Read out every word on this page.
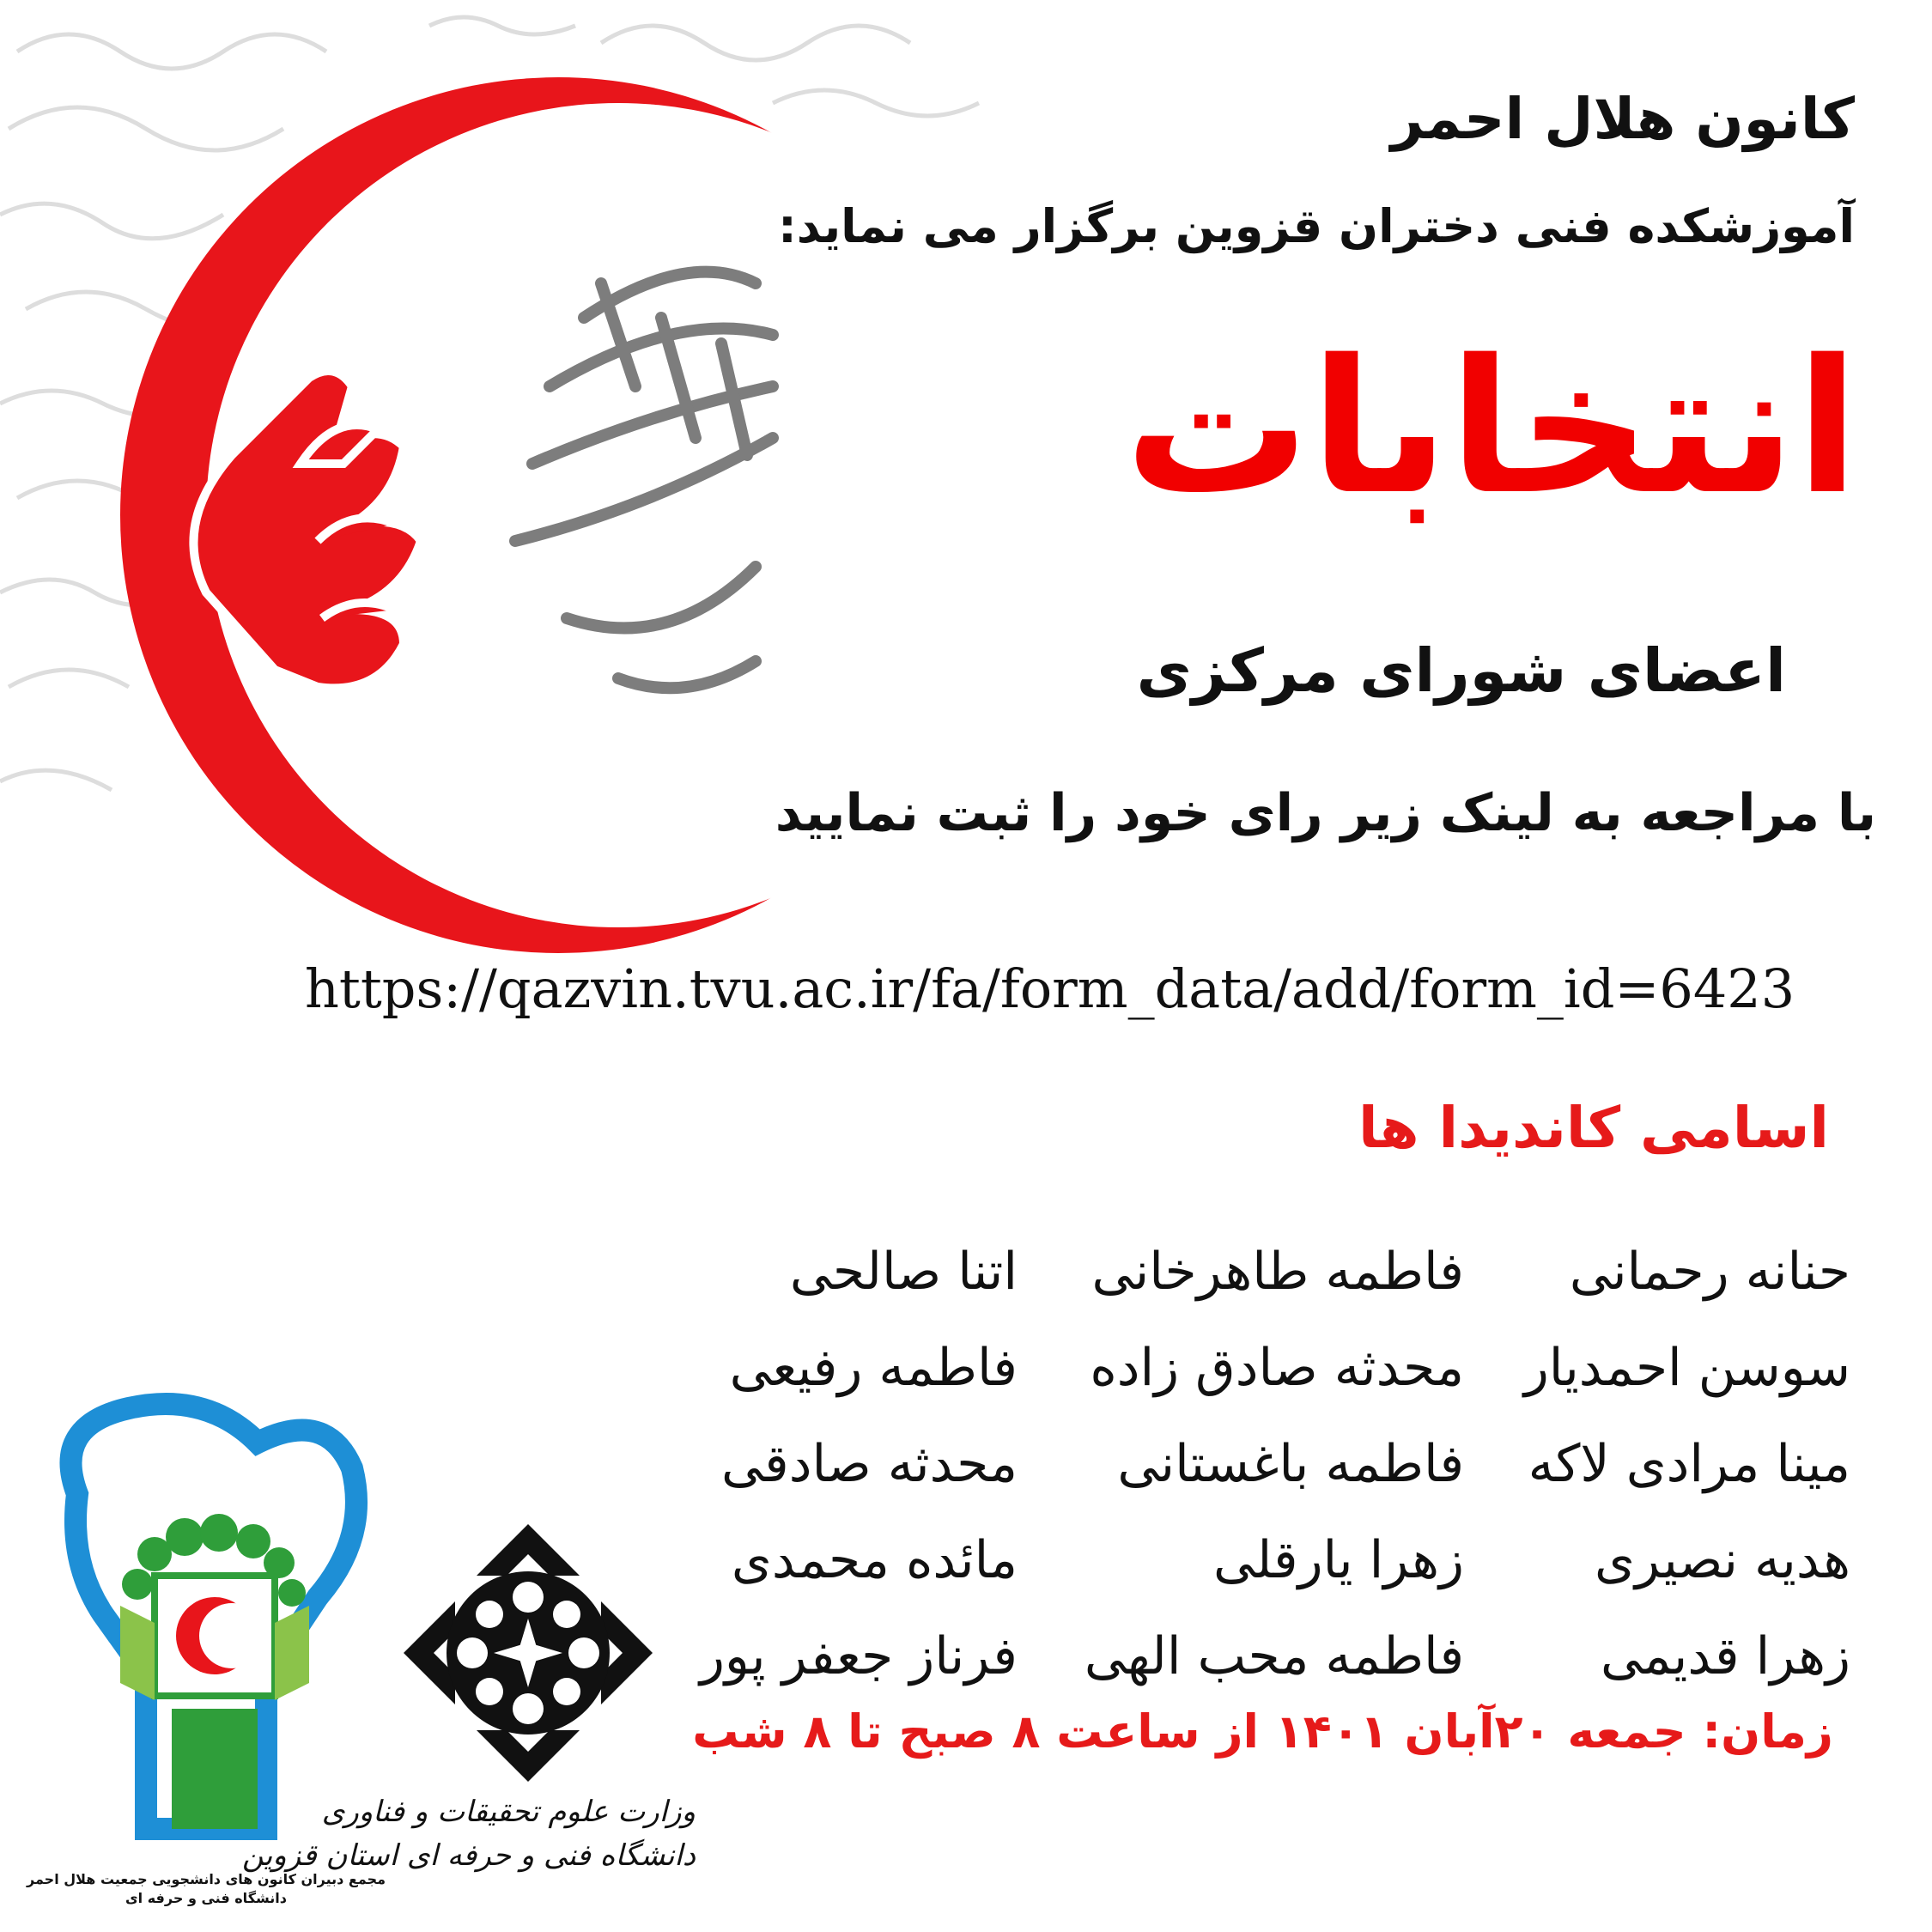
کانون هلال احمر
آموزشکده فنی دختران قزوین برگزار می نماید:
انتخابات
اعضای شورای مرکزی
با مراجعه به لینک زیر رای خود را ثبت نمایید
https://qazvin.tvu.ac.ir/fa/form_data/add/form_id=6423
اسامی کاندیدا ها
حنانه رحمانی
فاطمه طاهرخانی
اتنا صالحی
سوسن احمدیار
محدثه صادق زاده
فاطمه رفیعی
مینا مرادی لاکه
فاطمه باغستانی
محدثه صادقی
هدیه نصیری
زهرا یارقلی
مائده محمدی
زهرا قدیمی
فاطمه محب الهی
فرناز جعفر پور
زمان: جمعه ۲۰آبان ۱۴۰۱ از ساعت ۸ صبح تا ۸ شب
مجمع دبیران کانون های دانشجویی جمعیت هلال احمر
دانشگاه فنی و حرفه ای
وزارت علوم تحقیقات و فناوری
دانشگاه فنی و حرفه ای استان قزوین
